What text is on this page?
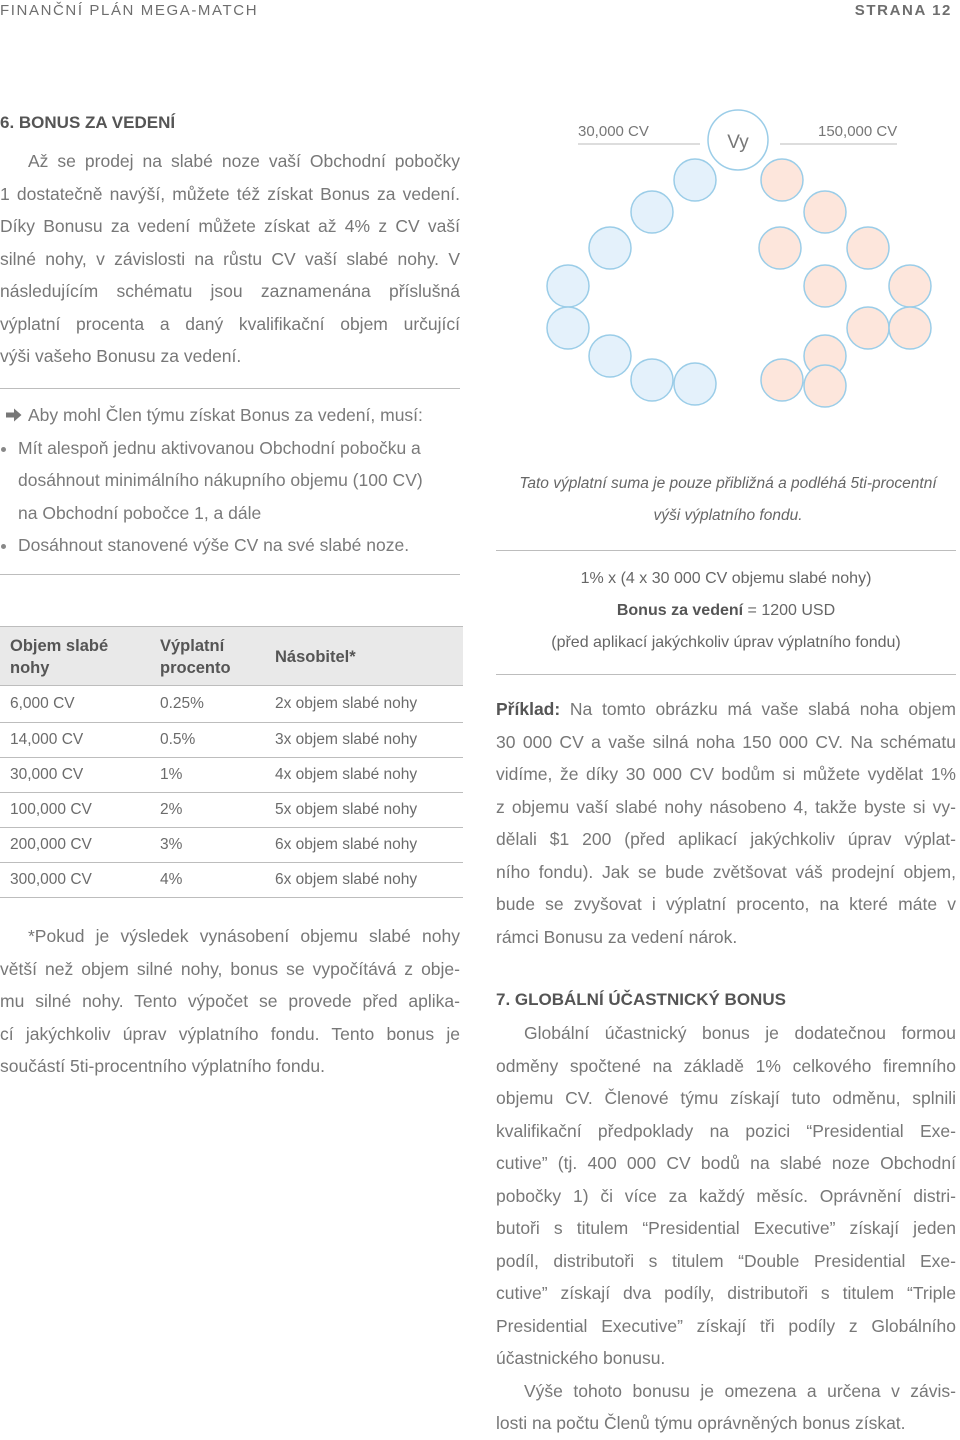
FINANČNÍ PLÁN MEGA-MATCH	STRANA 12
6. BONUS ZA VEDENÍ
Až se prodej na slabé noze vaší Obchodní pobočky
1 dostatečně navýší, můžete též získat Bonus za vedení.
Díky Bonusu za vedení můžete získat až 4% z CV vaší
silné nohy, v závislosti na růstu CV vaší slabé nohy. V
následujícím schématu jsou zaznamenána příslušná
výplatní procenta a daný kvalifikační objem určující
výši vašeho Bonusu za vedení.
Aby mohl Člen týmu získat Bonus za vedení, musí:
Mít alespoň jednu aktivovanou Obchodní pobočku a
dosáhnout minimálního nákupního objemu (100 CV)
na Obchodní pobočce 1, a dále
Dosáhnout stanovené výše CV na své slabé noze.
Objem slabé nohy	Výplatní procento	Násobitel*
6,000 CV	0.25%	2x objem slabé nohy
14,000 CV	0.5%	3x objem slabé nohy
30,000 CV	1%	4x objem slabé nohy
100,000 CV	2%	5x objem slabé nohy
200,000 CV	3%	6x objem slabé nohy
300,000 CV	4%	6x objem slabé nohy
*Pokud je výsledek vynásobení objemu slabé nohy
větší než objem silné nohy, bonus se vypočítává z obje-
mu silné nohy. Tento výpočet se provede před aplika-
cí jakýchkoliv úprav výplatního fondu. Tento bonus je
součástí 5ti-procentního výplatního fondu.
30,000 CV	150,000 CV
Vy
Tato výplatní suma je pouze přibližná a podléhá 5ti-procentní
výši výplatního fondu.
1% x (4 x 30 000 CV objemu slabé nohy)
Bonus za vedení = 1200 USD
(před aplikací jakýchkoliv úprav výplatního fondu)
Příklad: Na tomto obrázku má vaše slabá noha objem
30 000 CV a vaše silná noha 150 000 CV. Na schématu
vidíme, že díky 30 000 CV bodům si můžete vydělat 1%
z objemu vaší slabé nohy násobeno 4, takže byste si vy-
dělali $1 200 (před aplikací jakýchkoliv úprav výplat-
ního fondu). Jak se bude zvětšovat váš prodejní objem,
bude se zvyšovat i výplatní procento, na které máte v
rámci Bonusu za vedení nárok.
7. GLOBÁLNÍ ÚČASTNICKÝ BONUS
Globální účastnický bonus je dodatečnou formou
odměny spočtené na základě 1% celkového firemního
objemu CV. Členové týmu získají tuto odměnu, splnili
kvalifikační předpoklady na pozici “Presidential Exe-
cutive” (tj. 400 000 CV bodů na slabé noze Obchodní
pobočky 1) či více za každý měsíc. Oprávnění distri-
butoři s titulem “Presidential Executive” získají jeden
podíl, distributoři s titulem “Double Presidential Exe-
cutive” získají dva podíly, distributoři s titulem “Triple
Presidential Executive” získají tři podíly z Globálního
účastnického bonusu.
Výše tohoto bonusu je omezena a určena v závis-
losti na počtu Členů týmu oprávněných bonus získat.
